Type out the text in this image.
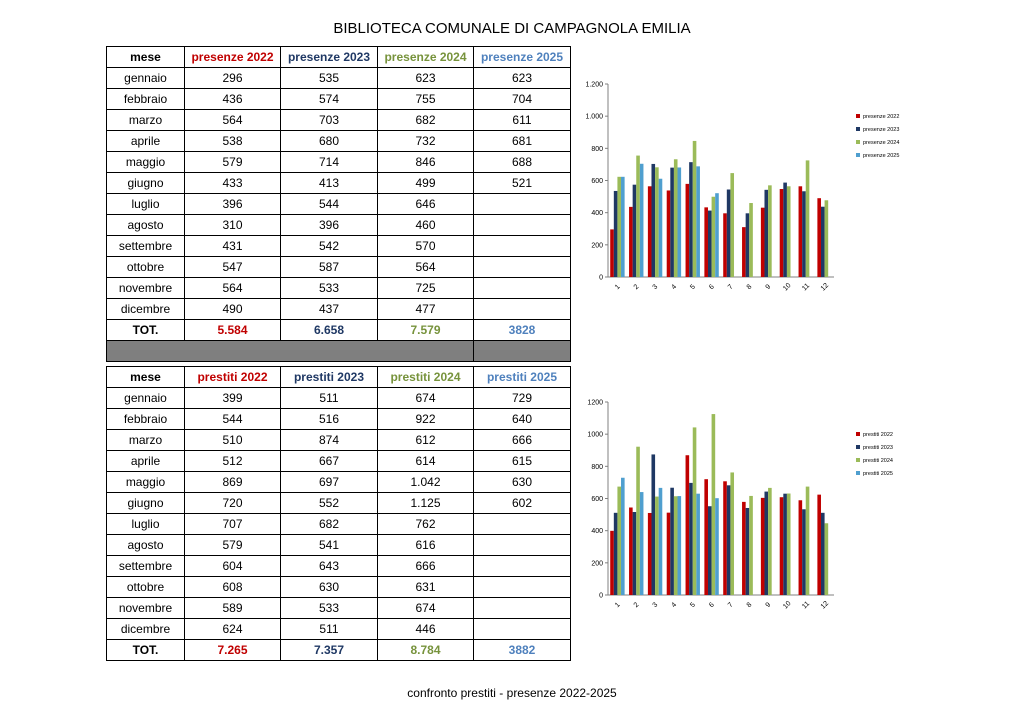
BIBLIOTECA COMUNALE DI CAMPAGNOLA EMILIA
mese	presenze 2022	presenze 2023	presenze 2024	presenze 2025
gennaio	296	535	623	623
febbraio	436	574	755	704
marzo	564	703	682	611
aprile	538	680	732	681
maggio	579	714	846	688
giugno	433	413	499	521
luglio	396	544	646	
agosto	310	396	460	
settembre	431	542	570	
ottobre	547	587	564	
novembre	564	533	725	
dicembre	490	437	477	
TOT.	5.584	6.658	7.579	3828

mese	prestiti 2022	prestiti 2023	prestiti 2024	prestiti 2025
gennaio	399	511	674	729
febbraio	544	516	922	640
marzo	510	874	612	666
aprile	512	667	614	615
maggio	869	697	1.042	630
giugno	720	552	1.125	602
luglio	707	682	762	
agosto	579	541	616	
settembre	604	643	666	
ottobre	608	630	631	
novembre	589	533	674	
dicembre	624	511	446	
TOT.	7.265	7.357	8.784	3882
0
200
400
600
800
1.000
1.200
1 2 3 4 5 6 7 8 9 10 11 12
presenze 2022
presenze 2023
presenze 2024
presenze 2025
0
200
400
600
800
1000
1200
1 2 3 4 5 6 7 8 9 10 11 12
prestiti 2022
prestiti 2023
prestiti 2024
prestiti 2025
confronto prestiti - presenze 2022-2025
